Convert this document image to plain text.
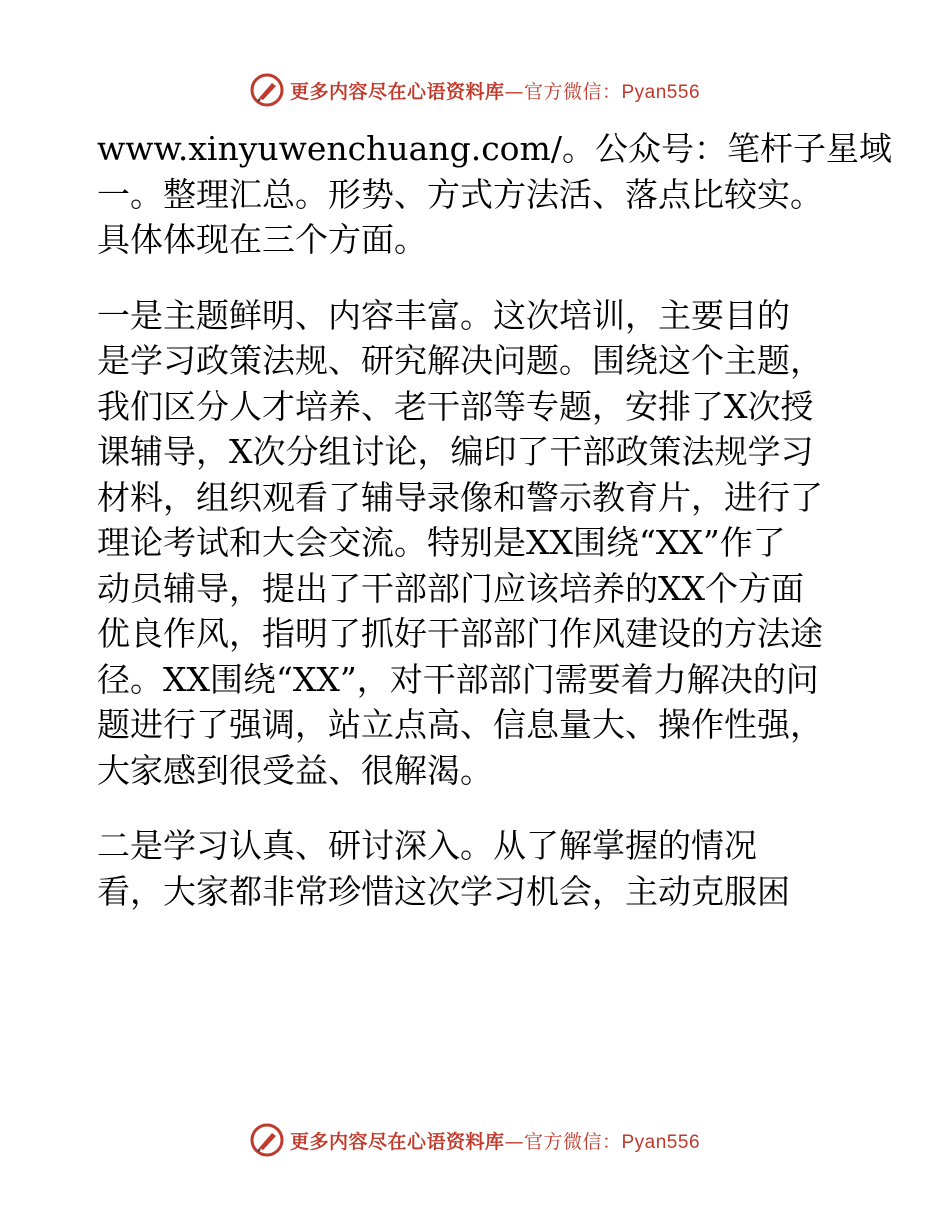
更多内容尽在心语资料库—官方微信：Pyan556

www.xinyuwenchuang.com/。公众号：笔杆子星域

一。整理汇总。形势、方式方法活、落点比较实。

具体体现在三个方面。

一是主题鲜明、内容丰富。这次培训，主要目的

是学习政策法规、研究解决问题。围绕这个主题，

我们区分人才培养、老干部等专题，安排了X次授

课辅导，X次分组讨论，编印了干部政策法规学习

材料，组织观看了辅导录像和警示教育片，进行了

理论考试和大会交流。特别是XX围绕“XX”作了

动员辅导，提出了干部部门应该培养的XX个方面

优良作风，指明了抓好干部部门作风建设的方法途

径。XX围绕“XX”，对干部部门需要着力解决的问

题进行了强调，站立点高、信息量大、操作性强，

大家感到很受益、很解渴。

二是学习认真、研讨深入。从了解掌握的情况

看，大家都非常珍惜这次学习机会，主动克服困

更多内容尽在心语资料库—官方微信：Pyan556
